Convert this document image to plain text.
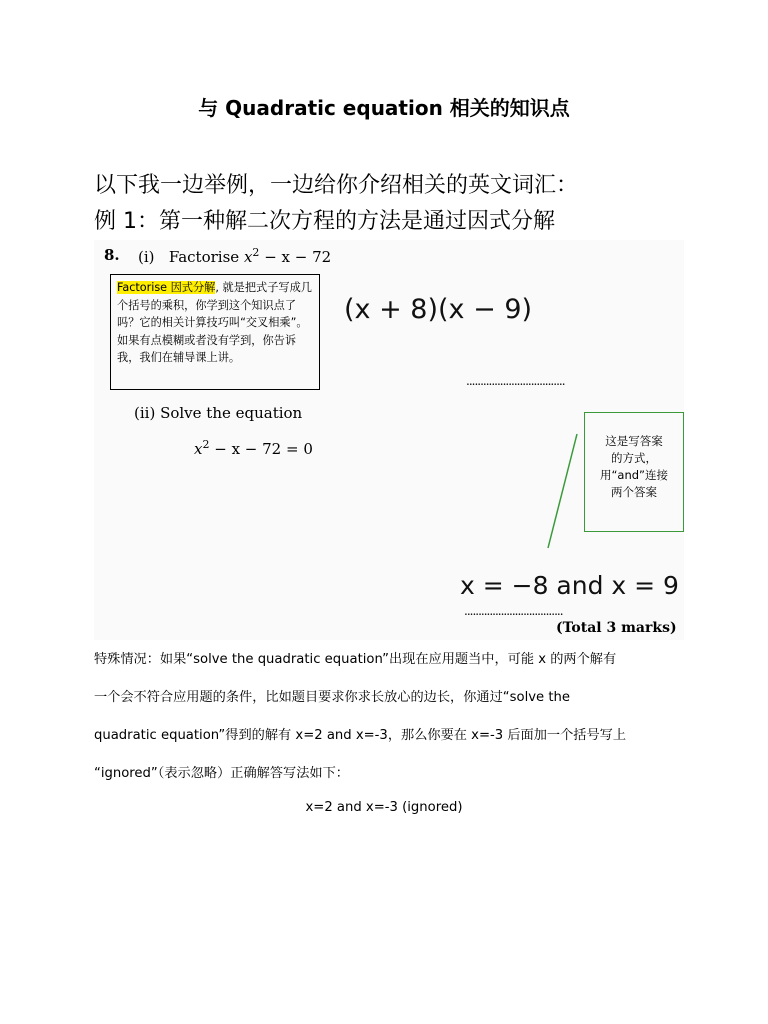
与 Quadratic equation 相关的知识点
以下我一边举例，一边给你介绍相关的英文词汇：
例 1：第一种解二次方程的方法是通过因式分解
8. (i) Factorise $x^2 - x - 72$
Factorise 因式分解, 就是把式子写成几个括号的乘积，你学到这个知识点了吗？它的相关计算技巧叫“交叉相乘”。如果有点模糊或者没有学到，你告诉我，我们在辅导课上讲。
(x + 8)(x − 9)
x = −8 and x = 9
...................................
(ii) Solve the equation
$x^2 - x - 72 = 0$	这是写答案
的方式，
用“and”连接
两个答案
...................................
(Total 3 marks)
特殊情况：如果“solve the quadratic equation”出现在应用题当中，可能 x 的两个解有
一个会不符合应用题的条件，比如题目要求你求长放心的边长，你通过“solve the
quadratic equation”得到的解有 x=2 and x=-3，那么你要在 x=-3 后面加一个括号写上
“ignored”（表示忽略）正确解答写法如下：
x=2 and x=-3 (ignored)
